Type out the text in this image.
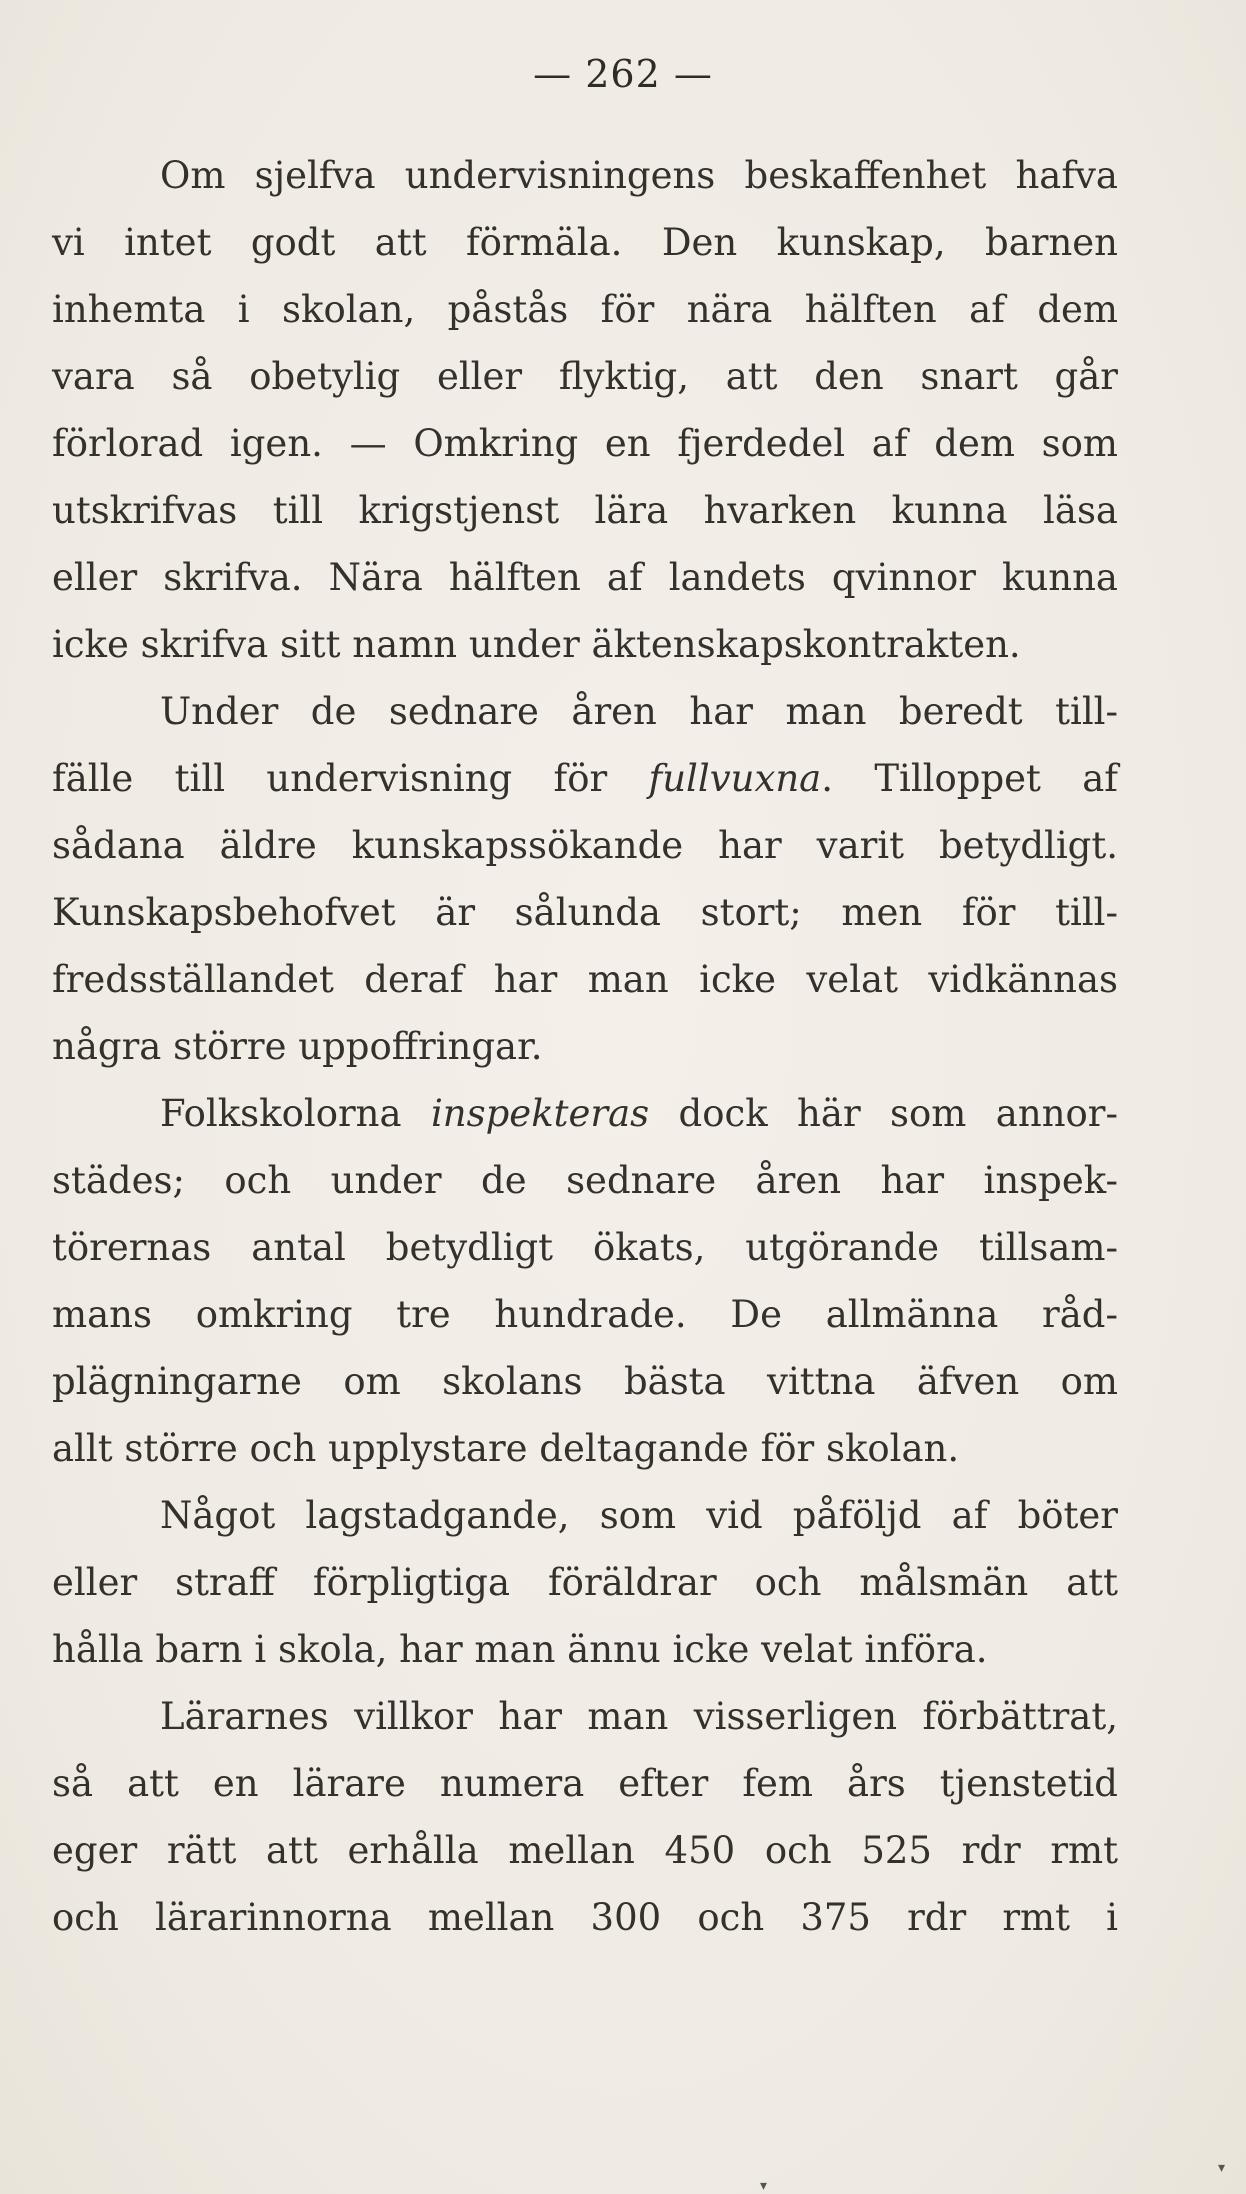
— 262 —
Om sjelfva undervisningens beskaffenhet hafva
vi intet godt att förmäla. Den kunskap, barnen
inhemta i skolan, påstås för nära hälften af dem
vara så obetylig eller flyktig, att den snart går
förlorad igen. — Omkring en fjerdedel af dem som
utskrifvas till krigstjenst lära hvarken kunna läsa
eller skrifva. Nära hälften af landets qvinnor kunna
icke skrifva sitt namn under äktenskapskontrakten.
Under de sednare åren har man beredt till-
fälle till undervisning för fullvuxna. Tilloppet af
sådana äldre kunskapssökande har varit betydligt.
Kunskapsbehofvet är sålunda stort; men för till-
fredsställandet deraf har man icke velat vidkännas
några större uppoffringar.
Folkskolorna inspekteras dock här som annor-
städes; och under de sednare åren har inspek-
törernas antal betydligt ökats, utgörande tillsam-
mans omkring tre hundrade. De allmänna råd-
plägningarne om skolans bästa vittna äfven om
allt större och upplystare deltagande för skolan.
Något lagstadgande, som vid påföljd af böter
eller straff förpligtiga föräldrar och målsmän att
hålla barn i skola, har man ännu icke velat införa.
Lärarnes villkor har man visserligen förbättrat,
så att en lärare numera efter fem års tjenstetid
eger rätt att erhålla mellan 450 och 525 rdr rmt
och lärarinnorna mellan 300 och 375 rdr rmt i
▾
▾
